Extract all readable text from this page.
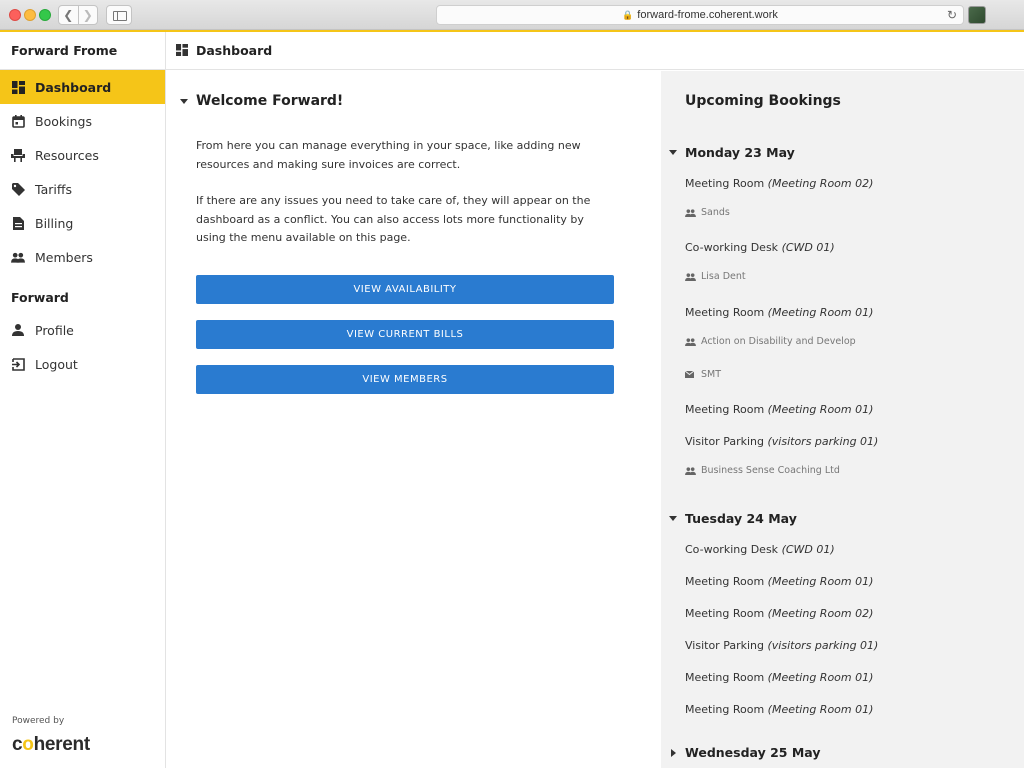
❮ ❯	🔒 forward-frome.coherent.work	↻
Forward Frome
Dashboard
Bookings
Resources
Tariffs
Billing
Members
Forward
Profile
Logout
Powered by
coherent
Dashboard
Welcome Forward!

From here you can manage everything in your space, like adding new resources and making sure invoices are correct.

If there are any issues you need to take care of, they will appear on the dashboard as a conflict. You can also access lots more functionality by using the menu available on this page.

VIEW AVAILABILITY
VIEW CURRENT BILLS
VIEW MEMBERS
Upcoming Bookings
Monday 23 May
Meeting Room (Meeting Room 02)
Sands
Co-working Desk (CWD 01)
Lisa Dent
Meeting Room (Meeting Room 01)
Action on Disability and Develop
SMT
Meeting Room (Meeting Room 01)
Visitor Parking (visitors parking 01)
Business Sense Coaching Ltd
Tuesday 24 May
Co-working Desk (CWD 01)
Meeting Room (Meeting Room 01)
Meeting Room (Meeting Room 02)
Visitor Parking (visitors parking 01)
Meeting Room (Meeting Room 01)
Meeting Room (Meeting Room 01)
Wednesday 25 May
